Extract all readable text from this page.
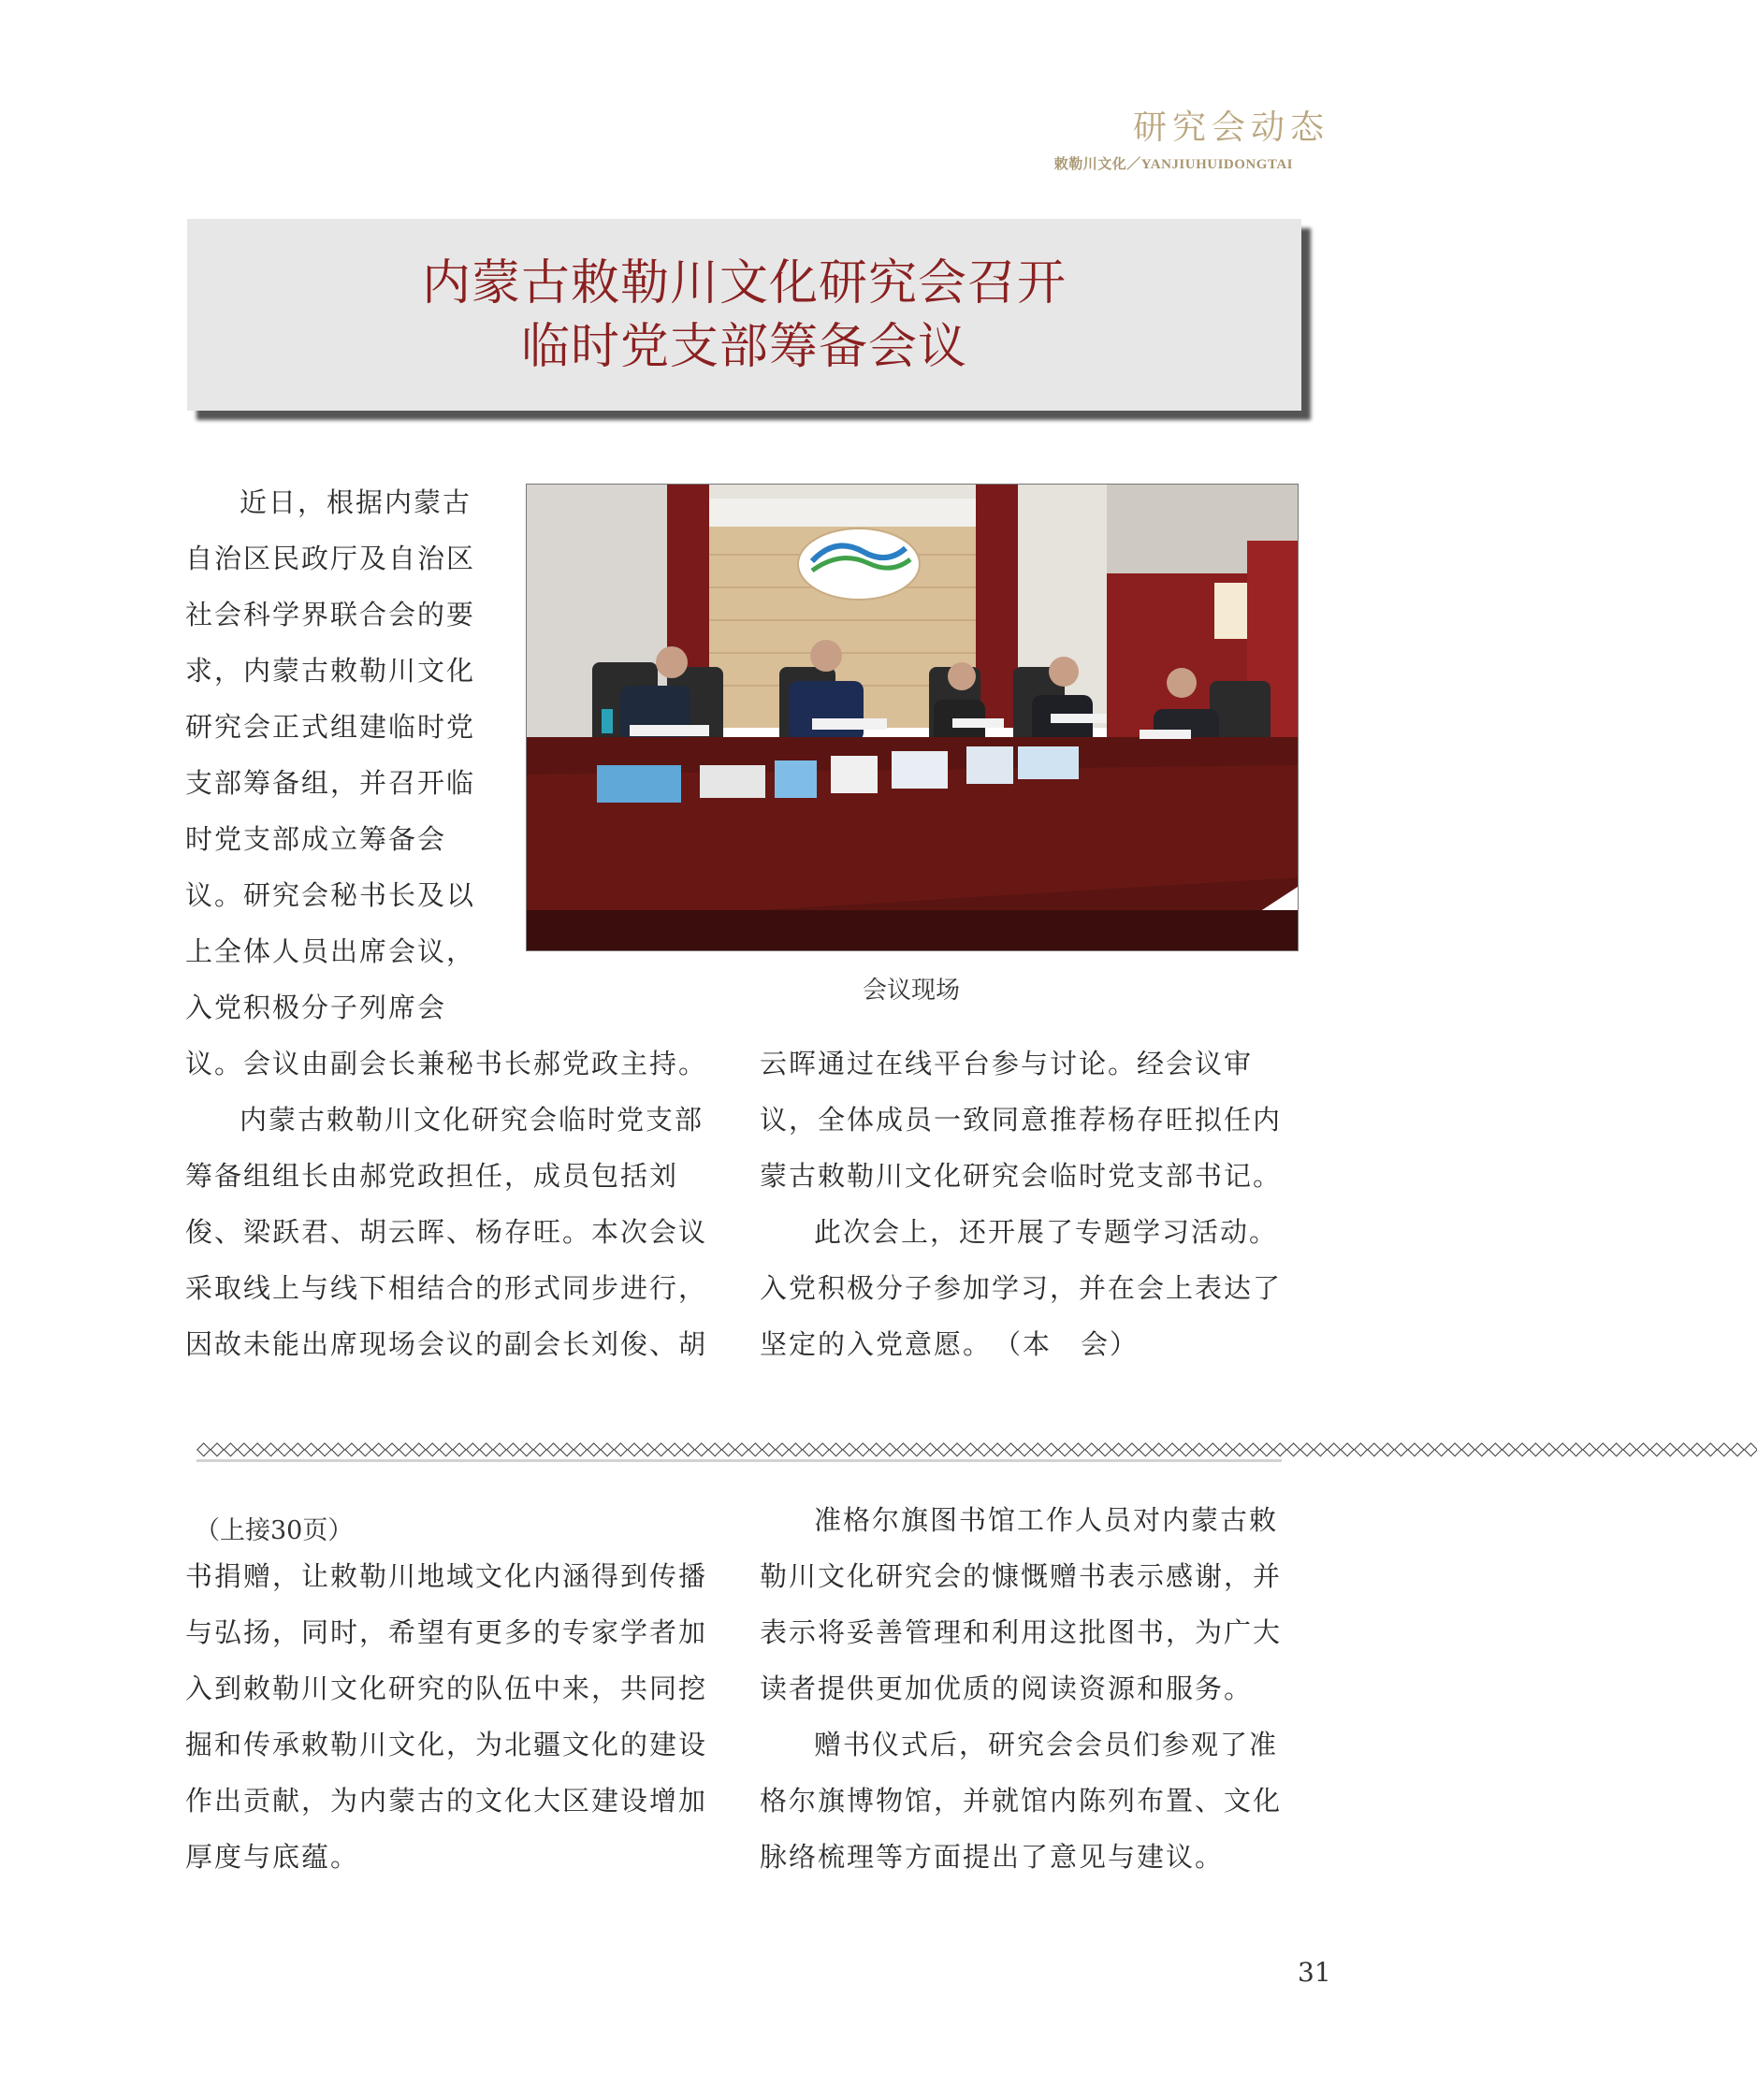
研究会动态
敕勒川文化／YANJIUHUIDONGTAI
内蒙古敕勒川文化研究会召开
临时党支部筹备会议
会议现场
近日，根据内蒙古自治区民政厅及自治区社会科学界联合会的要求，内蒙古敕勒川文化研究会正式组建临时党支部筹备组，并召开临时党支部成立筹备会议。研究会秘书长及以上全体人员出席会议，入党积极分子列席会
议。会议由副会长兼秘书长郝党政主持。
内蒙古敕勒川文化研究会临时党支部筹备组组长由郝党政担任，成员包括刘俊、梁跃君、胡云晖、杨存旺。本次会议采取线上与线下相结合的形式同步进行，因故未能出席现场会议的副会长刘俊、胡
云晖通过在线平台参与讨论。经会议审议，全体成员一致同意推荐杨存旺拟任内蒙古敕勒川文化研究会临时党支部书记。
此次会上，还开展了专题学习活动。入党积极分子参加学习，并在会上表达了坚定的入党意愿。　（本　会）
◇◇◇◇◇◇◇◇◇◇◇◇◇◇◇◇◇◇◇◇◇◇◇◇◇◇◇◇◇◇◇◇◇◇◇◇◇◇◇◇◇◇◇◇◇◇◇◇◇◇◇◇◇◇◇◇◇◇◇◇◇◇◇◇◇◇◇◇◇◇◇◇◇◇◇◇◇◇◇◇◇◇◇◇◇◇◇◇◇◇◇◇◇◇◇◇◇◇◇◇◇◇◇◇◇◇◇◇◇◇◇◇◇◇◇◇
（上接30页）
书捐赠，让敕勒川地域文化内涵得到传播与弘扬，同时，希望有更多的专家学者加入到敕勒川文化研究的队伍中来，共同挖掘和传承敕勒川文化，为北疆文化的建设作出贡献，为内蒙古的文化大区建设增加厚度与底蕴。
准格尔旗图书馆工作人员对内蒙古敕勒川文化研究会的慷慨赠书表示感谢，并表示将妥善管理和利用这批图书，为广大读者提供更加优质的阅读资源和服务。
赠书仪式后，研究会会员们参观了准格尔旗博物馆，并就馆内陈列布置、文化脉络梳理等方面提出了意见与建议。
31
